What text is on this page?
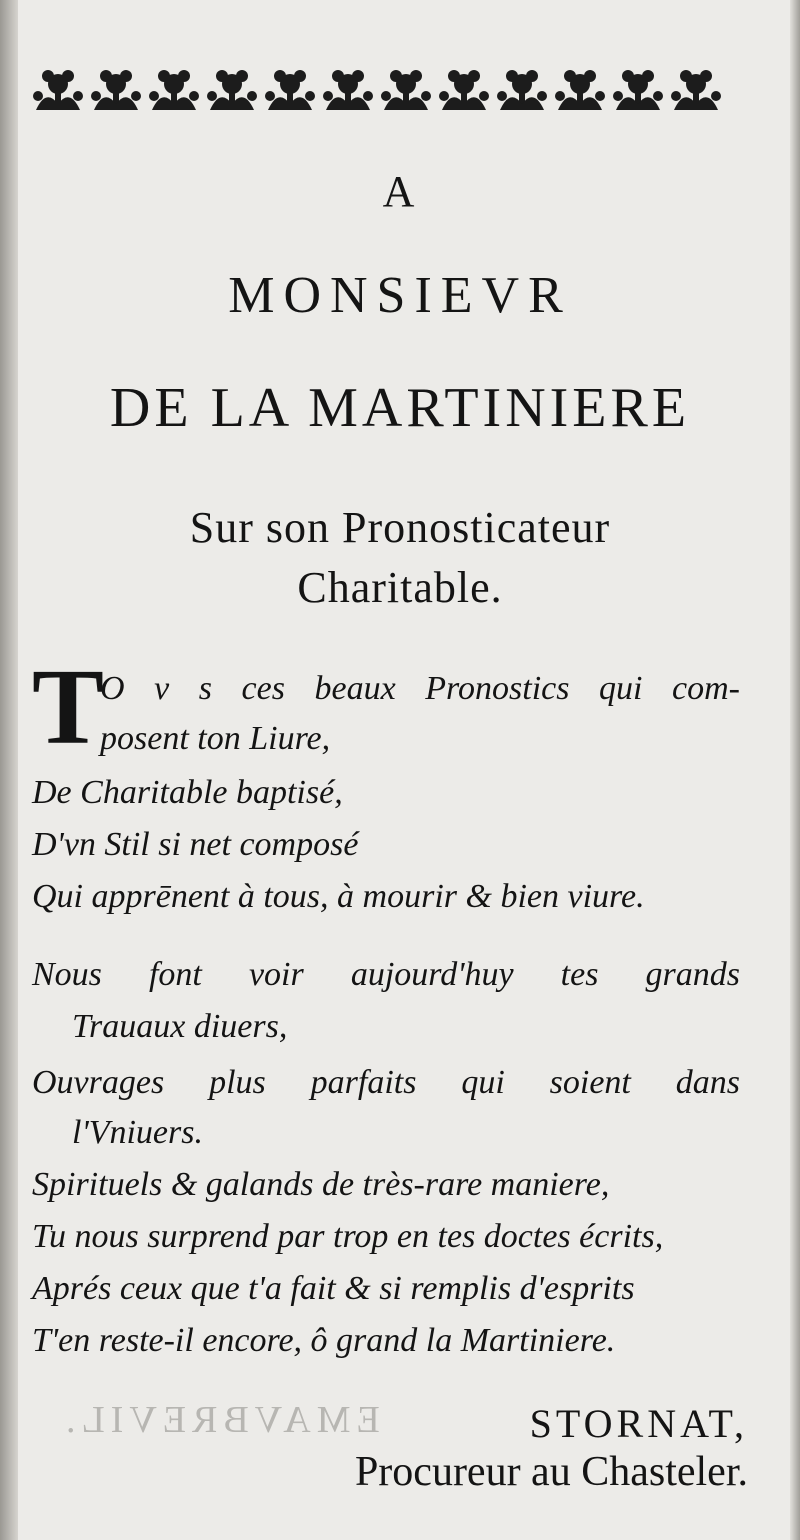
A
MONSIEVR
DE LA MARTINIERE
Sur son Pronosticateur
Charitable.
T
O v s ces beaux Pronostics qui com-
posent ton Liure,
De Charitable baptisé,
D'vn Stil si net composé
Qui apprēnent à tous, à mourir & bien viure.
Nous font voir aujourd'huy tes grands
Trauaux diuers,
Ouvrages plus parfaits qui soient dans
l'Vniuers.
Spirituels & galands de très-rare maniere,
Tu nous surprend par trop en tes doctes écrits,
Aprés ceux que t'a fait & si remplis d'esprits
T'en reste-il encore, ô grand la Martiniere.
EMAVBREVIL.	STORNAT,
Procureur au Chasteler.
